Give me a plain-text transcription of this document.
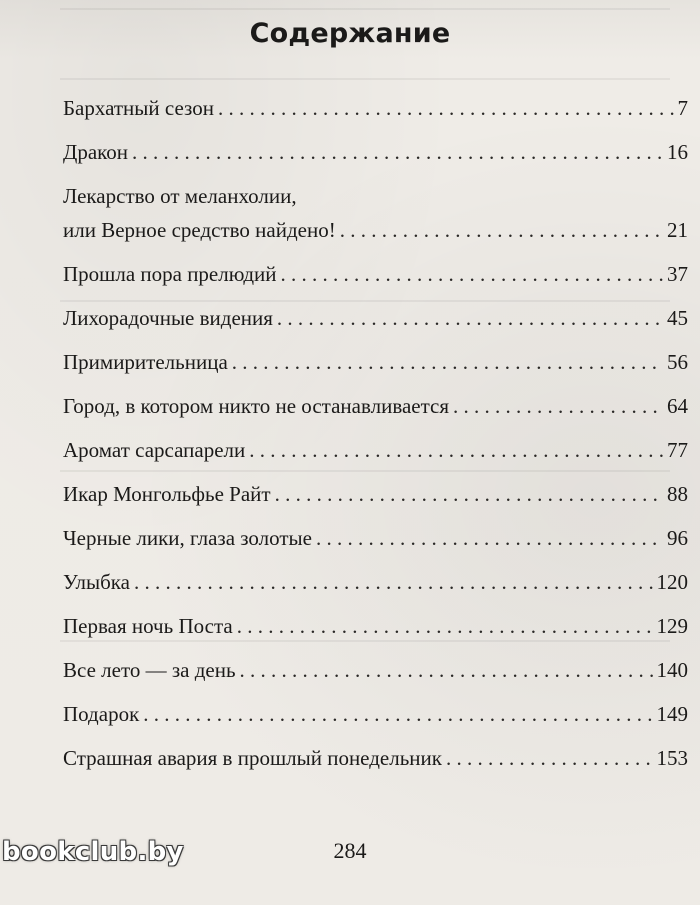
Содержание
Бархатный сезон . . .	7
Дракон . . .	16
Лекарство от меланхолии,
или Верное средство найдено! . . .	21
Прошла пора прелюдий . . .	37
Лихорадочные видения . . .	45
Примирительница . . .	56
Город, в котором никто не останавливается . . .	64
Аромат сарсапарели . . .	77
Икар Монгольфье Райт . . .	88
Черные лики, глаза золотые . . .	96
Улыбка . . .	120
Первая ночь Поста . . .	129
Все лето — за день . . .	140
Подарок . . .	149
Страшная авария в прошлый понедельник . . .	153
284
bookclub.by
